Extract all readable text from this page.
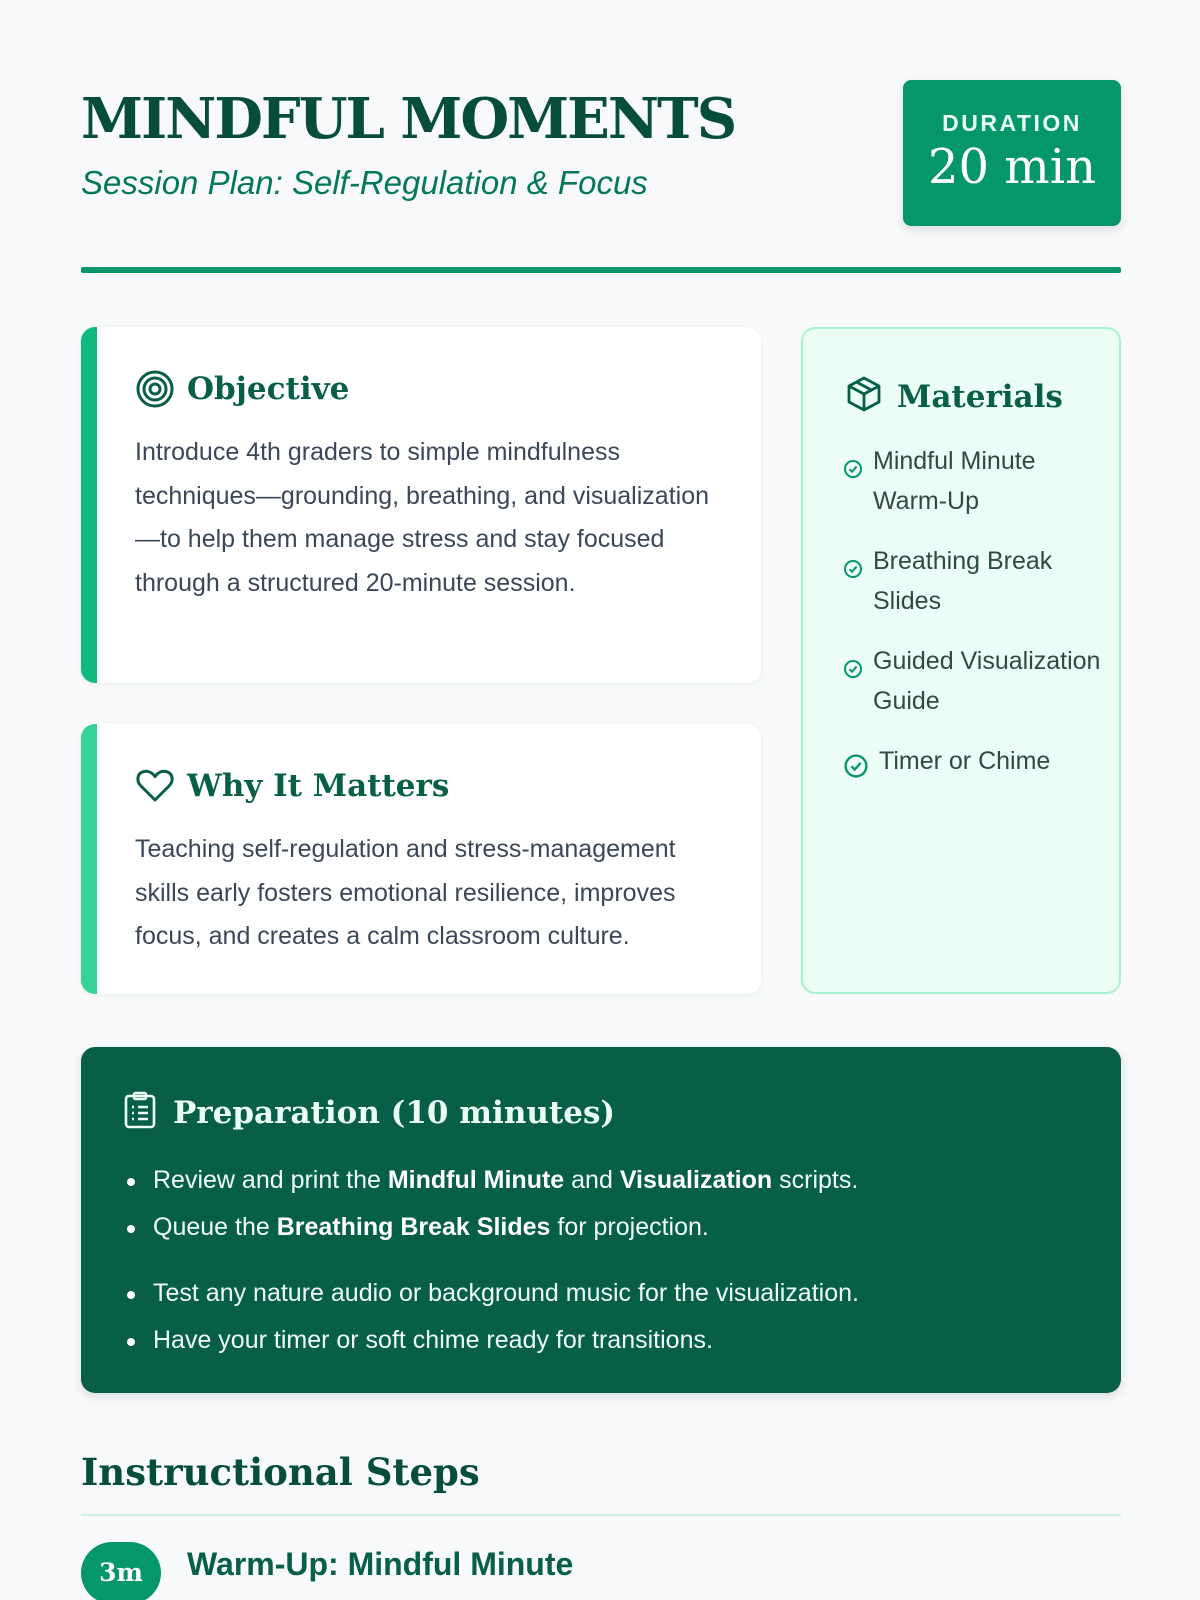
MINDFUL MOMENTS
Session Plan: Self-Regulation & Focus
DURATION
20 min
Objective

Introduce 4th graders to simple mindfulness techniques—grounding, breathing, and visualization—to help them manage stress and stay focused through a structured 20-minute session.

Why It Matters

Teaching self-regulation and stress-management skills early fosters emotional resilience, improves focus, and creates a calm classroom culture.

Materials
Mindful Minute Warm-Up
Breathing Break Slides
Guided Visualization Guide
Timer or Chime
Preparation (10 minutes)
Review and print the Mindful Minute and Visualization scripts.
Queue the Breathing Break Slides for projection.
Test any nature audio or background music for the visualization.
Have your timer or soft chime ready for transitions.
Instructional Steps
3m	Warm-Up: Mindful Minute
